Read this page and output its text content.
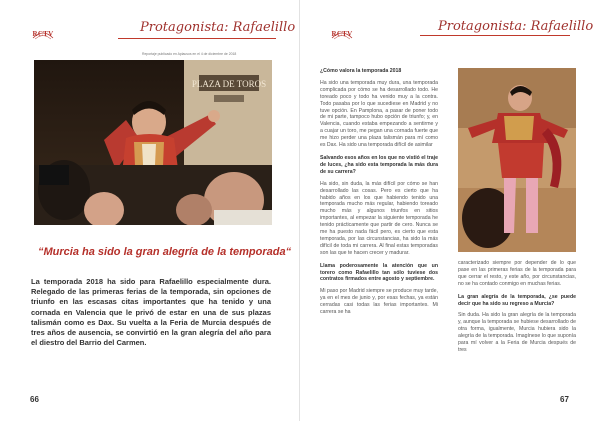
RCTV	Protagonista: Rafaelillo
Reportaje publicado en Aplausos en el 4 de diciembre de 2018
PLAZA DE TOROS
“Murcia ha sido la gran alegría de la temporada“
La temporada 2018 ha sido para Rafaelillo especialmente dura. Relegado de las primeras ferias de la temporada, sin opciones de triunfo en las escasas citas importantes que ha tenido y una cornada en Valencia que le privó de estar en una de sus plazas talismán como es Dax. Su vuelta a la Feria de Murcia después de tres años de ausencia, se convirtió en la gran alegría del año para el diestro del Barrio del Carmen.
66
RCTV	Protagonista: Rafaelillo

¿Cómo valora la temporada 2018

Ha sido una temporada muy dura, una temporada complicada por cómo se ha desarrollado todo. He toreado poco y todo ha venido muy a la contra. Todo pasaba por lo que sucediese en Madrid y no tuve opción. En Pamplona, a pasar de poner todo de mi parte, tampoco hubo opción de triunfo; y, en Valencia, cuando estaba empezando a sentirme y a cuajar un toro, me pegan una cornada fuerte que me hizo perder una plaza talismán para mí como es Dax. Ha sido una temporada difícil de asimilar

Salvando esos años en los que no vistió el traje de luces, ¿ha sido esta temporada la más dura de su carrera?

Ha sido, sin duda, la más difícil por cómo se han desarrollado las cosas. Pero es cierto que ha habido años en los que habiendo tenido una temporada mucho más regular, habiendo toreado mucho más y algunos triunfos en sitios importantes, al empezar la siguiente temporada he tenido prácticamente que partir de cero. Nunca se me ha puesto nada fácil pero, es cierto que esta temporada, por las circunstancias, ha sido la más difícil de toda mi carrera. Al final estas temporadas son las que te hacen crecer y madurar.

Llama poderosamente la atención que un torero como Rafaelillo tan sólo tuviese dos contratos firmados entre agosto y septiembre.

Mi paso por Madrid siempre se produce muy tarde, ya en el mes de junio y, por esas fechas, ya están cerradas casi todas las ferias importantes. Mi carrera se ha

caracterizado siempre por depender de lo que pase en las primeras ferias de la temporada para que cerrar el resto, y este año, por circunstancias, no se ha contado conmigo en muchas ferias.

La gran alegría de la temporada, ¿se puede decir que ha sido su regreso a Murcia?

Sin duda. Ha sido la gran alegría de la temporada y, aunque la temporada se hubiese desarrollado de otra forma, igualmente, Murcia hubiera sido la alegría de la temporada. Imagínese lo que suponía para mí volver a la Feria de Murcia después de tres

67
